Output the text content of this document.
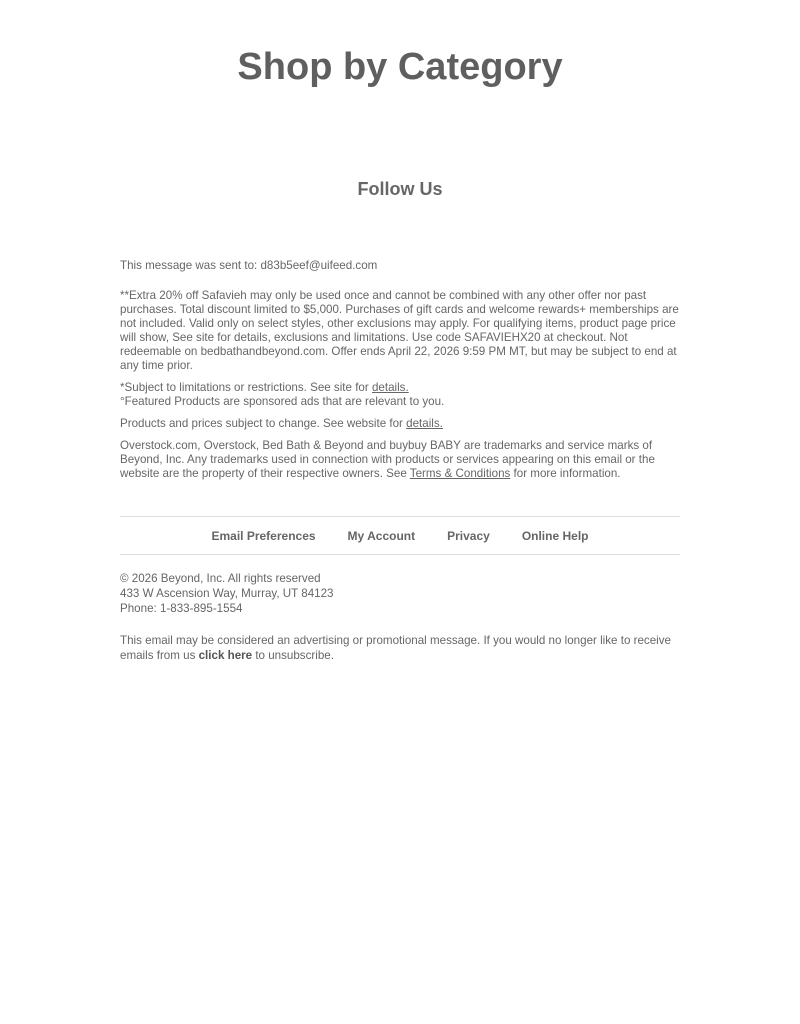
Shop by Category
Follow Us

This message was sent to: d83b5eef@uifeed.com

**Extra 20% off Safavieh may only be used once and cannot be combined with any other offer nor past purchases. Total discount limited to $5,000. Purchases of gift cards and welcome rewards+ memberships are not included. Valid only on select styles, other exclusions may apply. For qualifying items, product page price will show, See site for details, exclusions and limitations. Use code SAFAVIEHX20 at checkout. Not redeemable on bedbathandbeyond.com. Offer ends April 22, 2026 9:59 PM MT, but may be subject to end at any time prior.

*Subject to limitations or restrictions. See site for details.
°Featured Products are sponsored ads that are relevant to you.

Products and prices subject to change. See website for details.

Overstock.com, Overstock, Bed Bath & Beyond and buybuy BABY are trademarks and service marks of Beyond, Inc. Any trademarks used in connection with products or services appearing on this email or the website are the property of their respective owners. See Terms & Conditions for more information.

Email Preferences	My Account	Privacy	Online Help

© 2026 Beyond, Inc. All rights reserved

433 W Ascension Way, Murray, UT 84123

Phone: 1-833-895-1554

This email may be considered an advertising or promotional message. If you would no longer like to receive emails from us click here to unsubscribe.
